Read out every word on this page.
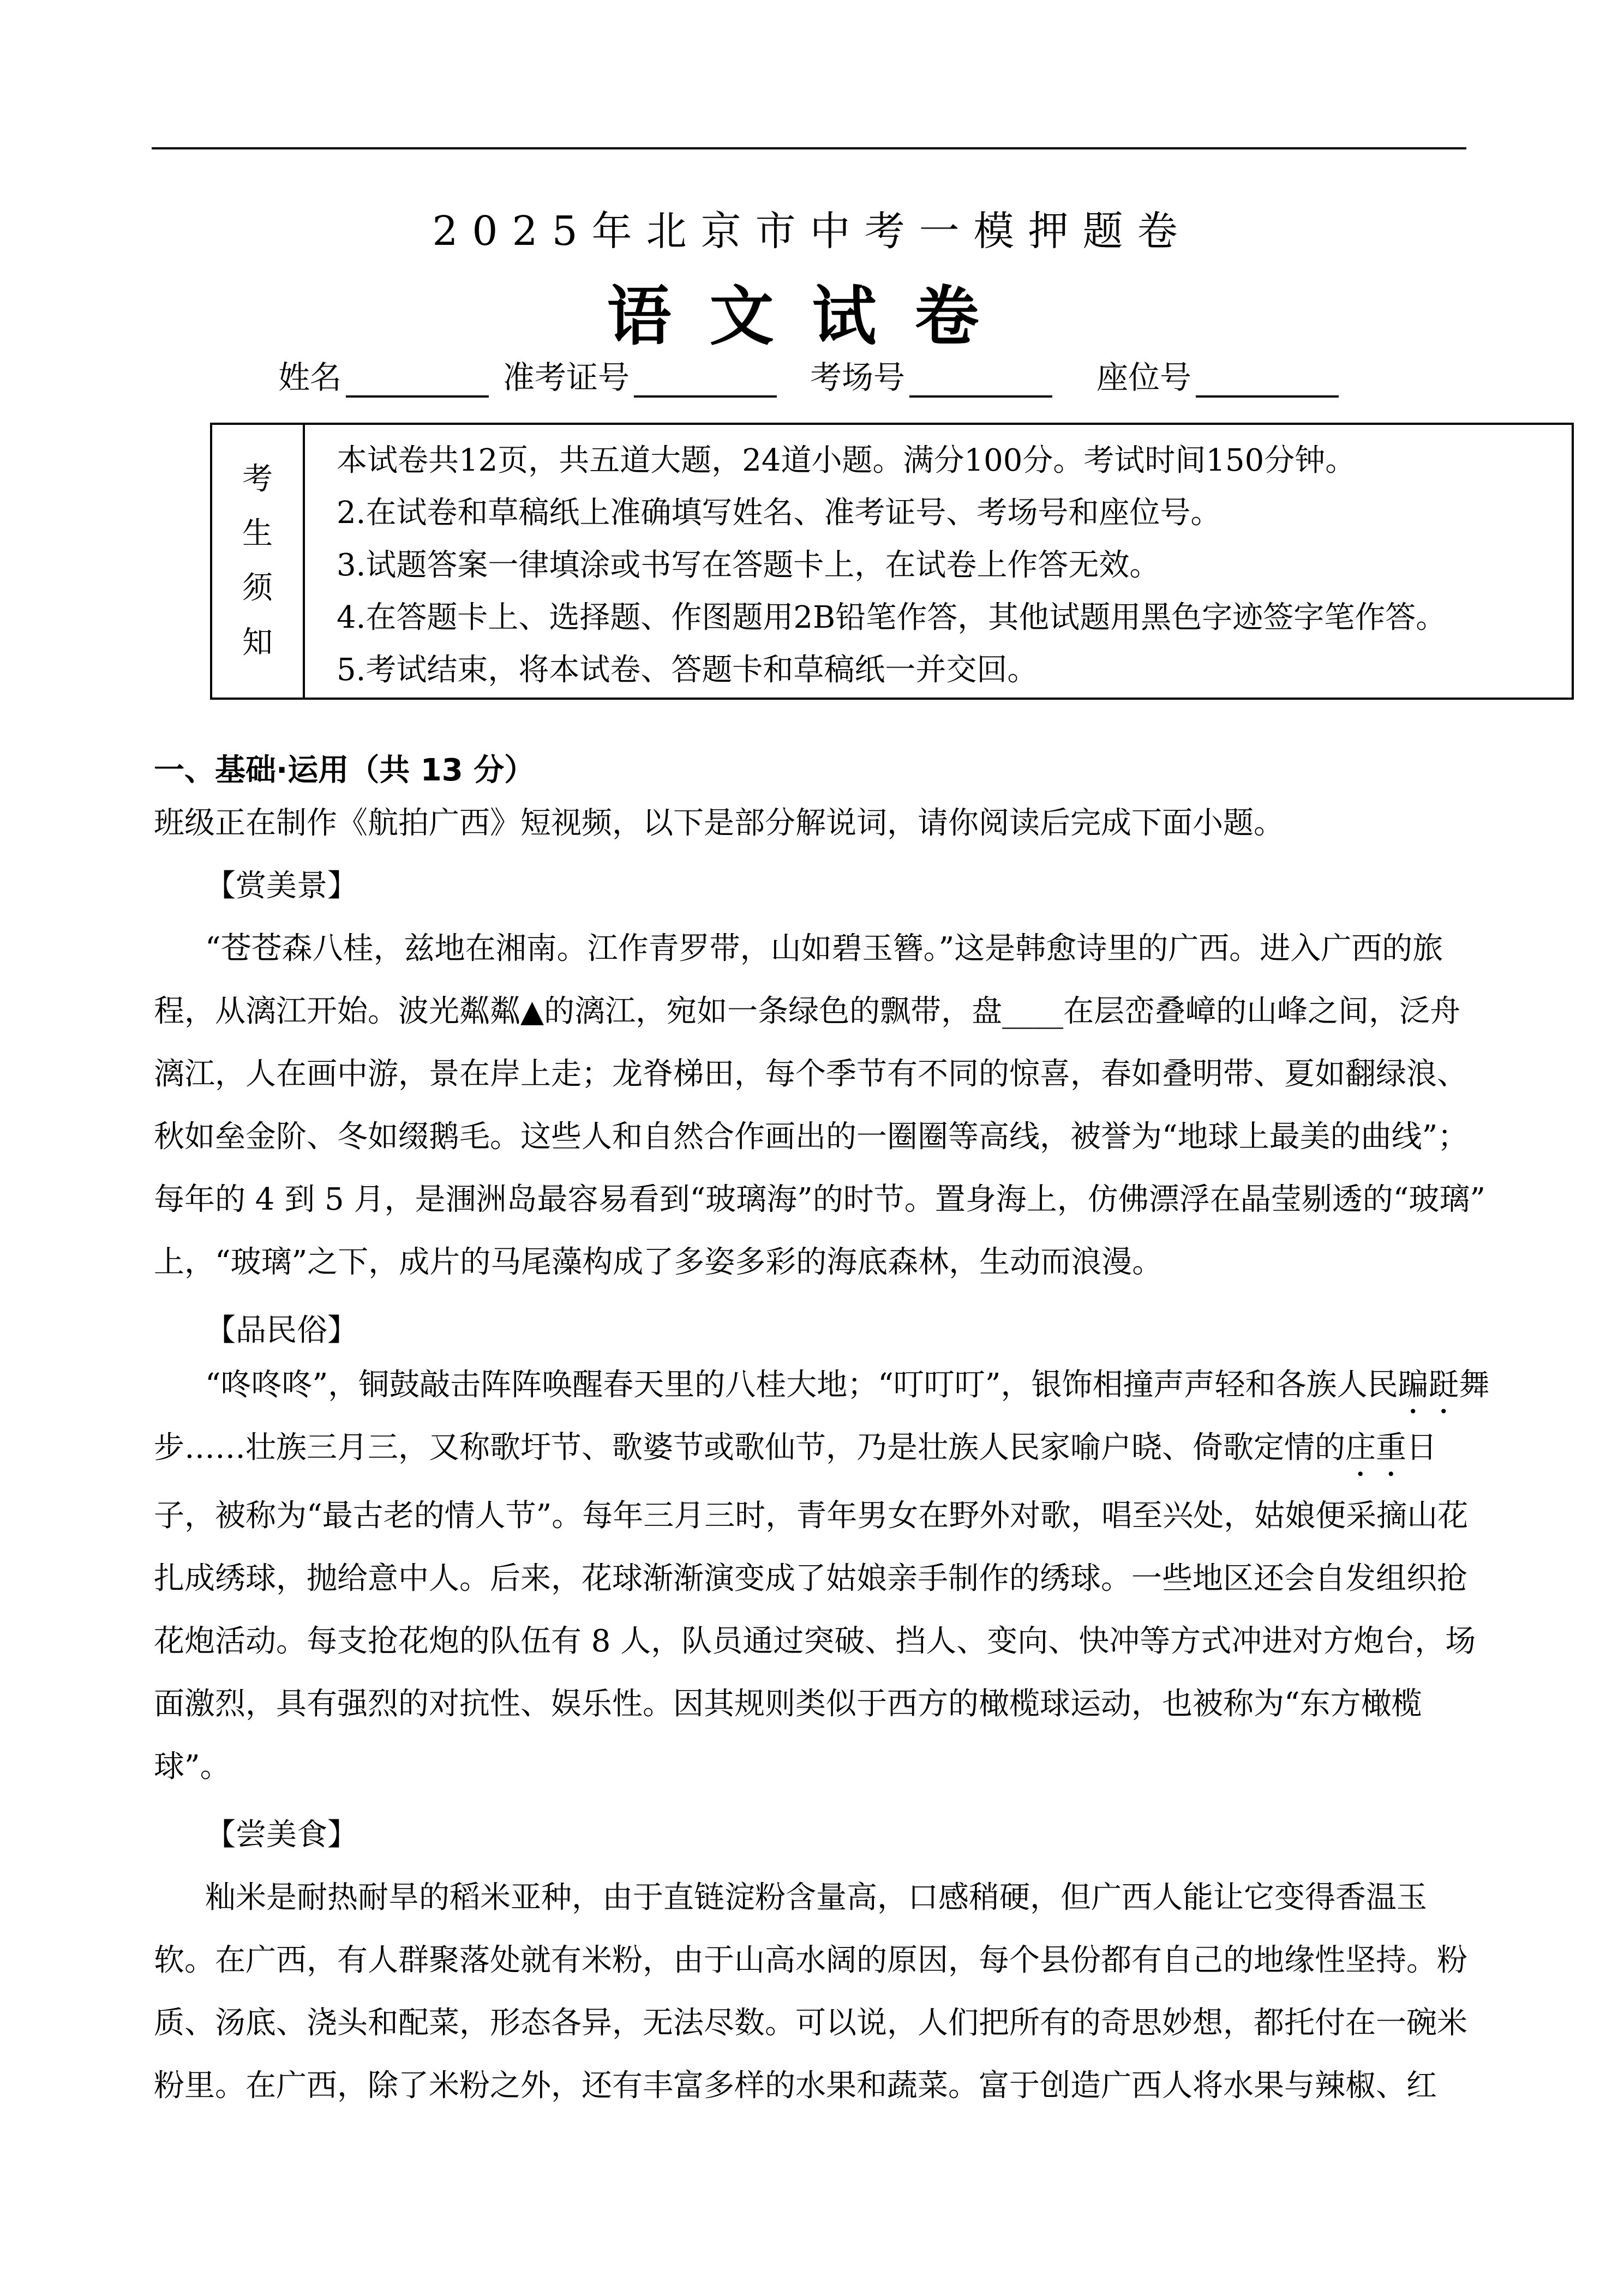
2025年北京市中考一模押题卷
语文试卷
姓名	准考证号	考场号	座位号
考
生
须
知
本试卷共12页，共五道大题，24道小题。满分100分。考试时间150分钟。
2.在试卷和草稿纸上准确填写姓名、准考证号、考场号和座位号。
3.试题答案一律填涂或书写在答题卡上，在试卷上作答无效。
4.在答题卡上、选择题、作图题用2B铅笔作答，其他试题用黑色字迹签字笔作答。
5.考试结束，将本试卷、答题卡和草稿纸一并交回。
一、基础·运用（共 13 分）
班级正在制作《航拍广西》短视频，以下是部分解说词，请你阅读后完成下面小题。
【赏美景】
“苍苍森八桂，兹地在湘南。江作青罗带，山如碧玉簪。”这是韩愈诗里的广西。进入广西的旅
程，从漓江开始。波光粼粼▲的漓江，宛如一条绿色的飘带，盘____在层峦叠嶂的山峰之间，泛舟
漓江，人在画中游，景在岸上走；龙脊梯田，每个季节有不同的惊喜，春如叠明带、夏如翻绿浪、
秋如垒金阶、冬如缀鹅毛。这些人和自然合作画出的一圈圈等高线，被誉为“地球上最美的曲线”；
每年的 4 到 5 月，是涠洲岛最容易看到“玻璃海”的时节。置身海上，仿佛漂浮在晶莹剔透的“玻璃”
上，“玻璃”之下，成片的马尾藻构成了多姿多彩的海底森林，生动而浪漫。
【品民俗】
“咚咚咚”，铜鼓敲击阵阵唤醒春天里的八桂大地；“叮叮叮”，银饰相撞声声轻和各族人民蹁跹舞
步……壮族三月三，又称歌圩节、歌婆节或歌仙节，乃是壮族人民家喻户晓、倚歌定情的庄重日
子，被称为“最古老的情人节”。每年三月三时，青年男女在野外对歌，唱至兴处，姑娘便采摘山花
扎成绣球，抛给意中人。后来，花球渐渐演变成了姑娘亲手制作的绣球。一些地区还会自发组织抢
花炮活动。每支抢花炮的队伍有 8 人，队员通过突破、挡人、变向、快冲等方式冲进对方炮台，场
面激烈，具有强烈的对抗性、娱乐性。因其规则类似于西方的橄榄球运动，也被称为“东方橄榄
球”。
【尝美食】
籼米是耐热耐旱的稻米亚种，由于直链淀粉含量高，口感稍硬，但广西人能让它变得香温玉
软。在广西，有人群聚落处就有米粉，由于山高水阔的原因，每个县份都有自己的地缘性坚持。粉
质、汤底、浇头和配菜，形态各异，无法尽数。可以说，人们把所有的奇思妙想，都托付在一碗米
粉里。在广西，除了米粉之外，还有丰富多样的水果和蔬菜。富于创造广西人将水果与辣椒、红
